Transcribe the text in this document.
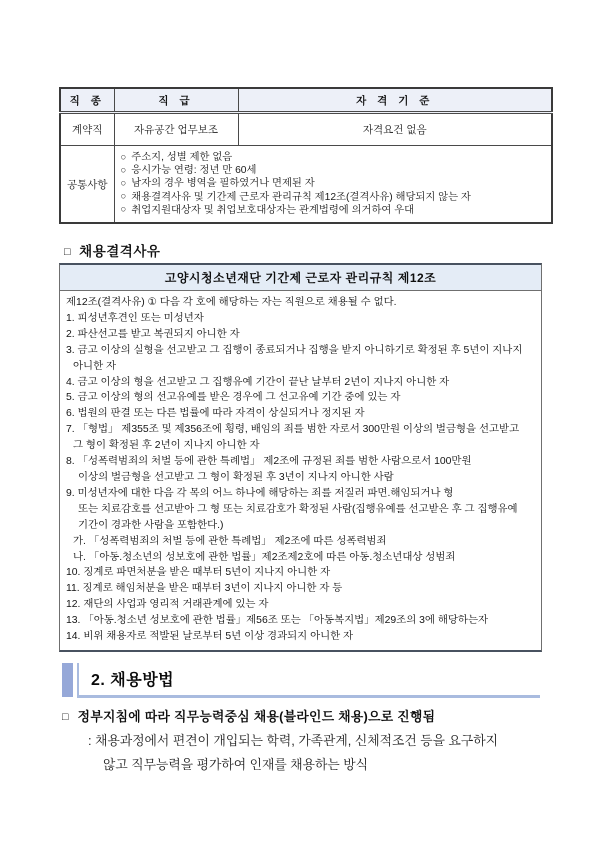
직 종	직 급	자 격 기 준
계약직	자유공간 업무보조	자격요건 없음
공통사항	○ 주소지, 성별 제한 없음
○ 응시가능 연령: 정년 만 60세
○ 남자의 경우 병역을 필하였거나 면제된 자
○ 채용결격사유 및 기간제 근로자 관리규칙 제12조(결격사유) 해당되지 않는 자
○ 취업지원대상자 및 취업보호대상자는 관계법령에 의거하여 우대	
□ 채용결격사유
고양시청소년재단 기간제 근로자 관리규칙 제12조
제12조(결격사유) ① 다음 각 호에 해당하는 자는 직원으로 채용될 수 없다.
1. 피성년후견인 또는 미성년자
2. 파산선고를 받고 복권되지 아니한 자
3. 금고 이상의 실형을 선고받고 그 집행이 종료되거나 집행을 받지 아니하기로 확정된 후 5년이 지나지
아니한 자
4. 금고 이상의 형을 선고받고 그 집행유예 기간이 끝난 날부터 2년이 지나지 아니한 자
5. 금고 이상의 형의 선고유예를 받은 경우에 그 선고유예 기간 중에 있는 자
6. 법원의 판결 또는 다른 법률에 따라 자격이 상실되거나 정지된 자
7. 「형법」 제355조 및 제356조에 횡령, 배임의 죄를 범한 자로서 300만원 이상의 벌금형을 선고받고
그 형이 확정된 후 2년이 지나지 아니한 자
8. 「성폭력범죄의 처벌 등에 관한 특례법」 제2조에 규정된 죄를 범한 사람으로서 100만원
이상의 벌금형을 선고받고 그 형이 확정된 후 3년이 지나지 아니한 사람
9. 미성년자에 대한 다음 각 목의 어느 하나에 해당하는 죄를 저질러 파면.해임되거나 형
또는 치료감호를 선고받아 그 형 또는 치료감호가 확정된 사람(집행유예를 선고받은 후 그 집행유예
기간이 경과한 사람을 포함한다.)
가. 「성폭력범죄의 처벌 등에 관한 특례법」 제2조에 따른 성폭력범죄
나. 「아동.청소년의 성보호에 관한 법률」제2조제2호에 따른 아동.청소년대상 성범죄
10. 징계로 파면처분을 받은 때부터 5년이 지나지 아니한 자
11. 징계로 해임처분을 받은 때부터 3년이 지나지 아니한 자 등
12. 재단의 사업과 영리적 거래관계에 있는 자
13. 「아동.청소년 성보호에 관한 법률」제56조 또는 「아동복지법」제29조의 3에 해당하는자
14. 비위 채용자로 적발된 날로부터 5년 이상 경과되지 아니한 자
2. 채용방법
□ 정부지침에 따라 직무능력중심 채용(블라인드 채용)으로 진행됨
: 채용과정에서 편견이 개입되는 학력, 가족관계, 신체적조건 등을 요구하지
않고 직무능력을 평가하여 인재를 채용하는 방식
